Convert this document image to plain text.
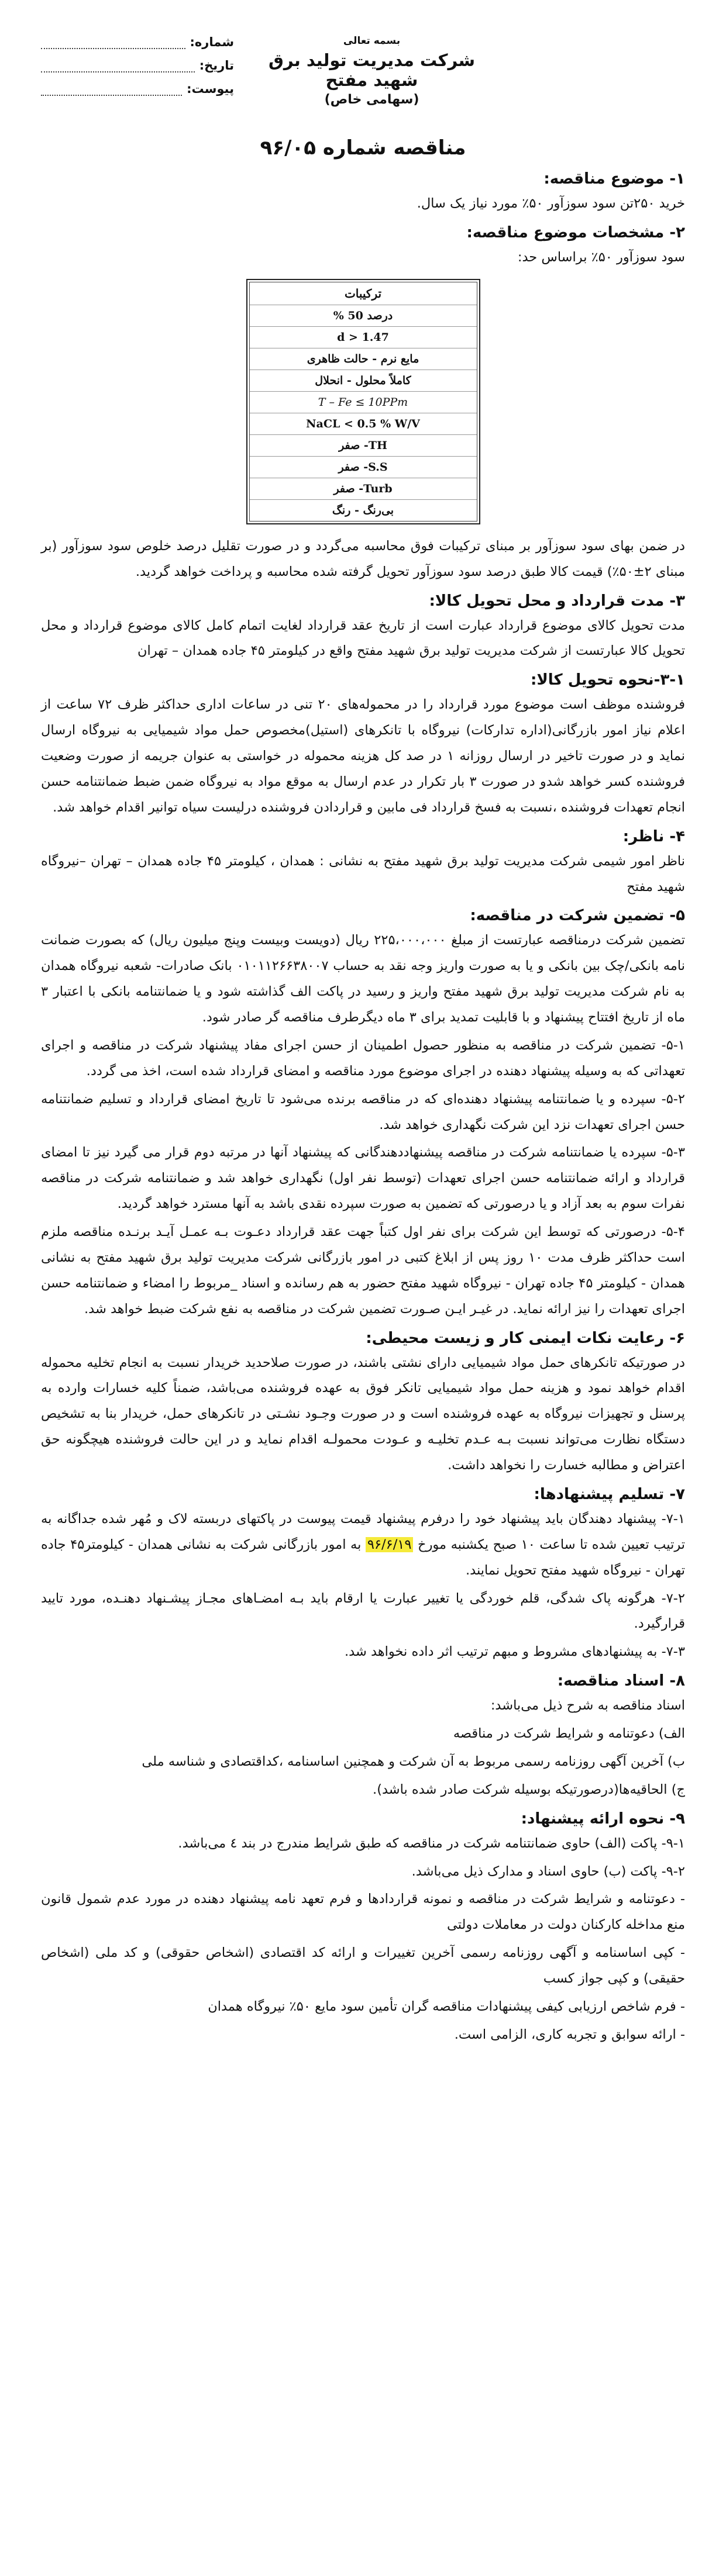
شماره:
تاریخ:
پیوست:
بسمه تعالی
شرکت مدیریت تولید برق شهید مفتح
(سهامی خاص)
مناقصه شماره ۹۶/۰۵
۱- موضوع مناقصه:

خرید ۲۵۰تن سود سوزآور ۵۰٪ مورد نیاز یک سال.

۲- مشخصات موضوع مناقصه:

سود سوزآور ۵۰٪ براساس حد:

ترکیبات
درصد 50 %
d > 1.47
مایع نرم - حالت ظاهری
کاملاً محلول - انحلال
T – Fe ≤ 10PPm
NaCL < 0.5 % W/V
TH- صفر
S.S- صفر
Turb- صفر
بی‌رنگ - رنگ

در ضمن بهای سود سوزآور بر مبنای ترکیبات فوق محاسبه می‌گردد و در صورت تقلیل درصد خلوص سود سوزآور (بر مبنای ۲±۵۰٪) قیمت کالا طبق درصد سود سوزآور تحویل گرفته شده محاسبه و پرداخت خواهد گردید.

۳- مدت قرارداد و محل تحویل کالا:

مدت تحویل کالای موضوع قرارداد عبارت است از تاریخ عقد قرارداد لغایت اتمام کامل کالای موضوع قرارداد و محل تحویل کالا عبارتست از شرکت مدیریت تولید برق شهید مفتح واقع در کیلومتر ۴۵ جاده همدان – تهران

۳-۱-نحوه تحویل کالا:

فروشنده موظف است موضوع مورد قرارداد را در محموله‌های ۲۰ تنی در ساعات اداری حداکثر ظرف ۷۲ ساعت از اعلام نیاز امور بازرگانی(اداره تدارکات) نیروگاه با تانکرهای (استیل)مخصوص حمل مواد شیمیایی به نیروگاه ارسال نماید و در صورت تاخیر در ارسال روزانه ۱ در صد کل هزینه محموله در خواستی به عنوان جریمه از صورت وضعیت فروشنده کسر خواهد شدو در صورت ۳ بار تکرار در عدم ارسال به موقع مواد به نیروگاه ضمن ضبط ضمانتنامه حسن انجام تعهدات فروشنده ،نسبت به فسخ قرارداد فی مابین و قراردادن فروشنده درلیست سیاه توانیر اقدام خواهد شد.

۴- ناظر:

ناظر امور شیمی شرکت مدیریت تولید برق شهید مفتح به نشانی : همدان ، کیلومتر ۴۵ جاده همدان – تهران –نیروگاه شهید مفتح

۵- تضمین شرکت در مناقصه:

تضمین شرکت درمناقصه عبارتست از مبلغ ۲۲۵،۰۰۰،۰۰۰ ریال (دویست وبیست وپنج میلیون ریال) که بصورت ضمانت نامه بانکی/چک بین بانکی و یا به صورت واریز وجه نقد به حساب ۰۱۰۱۱۲۶۶۳۸۰۰۷ بانک صادرات- شعبه نیروگاه همدان به نام شرکت مدیریت تولید برق شهید مفتح واریز و رسید در پاکت الف گذاشته شود و یا ضمانتنامه بانکی با اعتبار ۳ ماه از تاریخ افتتاح پیشنهاد و با قابلیت تمدید برای ۳ ماه دیگرطرف مناقصه گر صادر شود.

۵-۱- تضمین شرکت در مناقصه به منظور حصول اطمینان از حسن اجرای مفاد پیشنهاد شرکت در مناقصه و اجرای تعهداتی که به وسیله پیشنهاد دهنده در اجرای موضوع مورد مناقصه و امضای قرارداد شده است، اخذ می گردد.

۵-۲- سپرده و یا ضمانتنامه پیشنهاد دهنده‌ای که در مناقصه برنده می‌شود تا تاریخ امضای قرارداد و تسلیم ضمانتنامه حسن اجرای تعهدات نزد این شرکت نگهداری خواهد شد.

۵-۳- سپرده یا ضمانتنامه شرکت در مناقصه پیشنهاددهندگانی که پیشنهاد آنها در مرتبه دوم قرار می گیرد نیز تا امضای قرارداد و ارائه ضمانتنامه حسن اجرای تعهدات (توسط نفر اول) نگهداری خواهد شد و ضمانتنامه شرکت در مناقصه نفرات سوم به بعد آزاد و یا درصورتی که تضمین به صورت سپرده نقدی باشد به آنها مسترد خواهد گردید.

۵-۴- درصورتی که توسط این شرکت برای نفر اول کتباً جهت عقد قرارداد دعـوت بـه عمـل آیـد برنـده مناقصه ملزم است حداکثر ظرف مدت ۱۰ روز پس از ابلاغ کتبی در امور بازرگانی شرکت مدیریت تولید برق شهید مفتح به نشانی همدان - کیلومتر ۴۵ جاده تهران - نیروگاه شهید مفتح حضور به هم رسانده و اسناد _مربوط را امضاء و ضمانتنامه حسن اجرای تعهدات را نیز ارائه نماید. در غیـر ایـن صـورت تضمین شرکت در مناقصه به نفع شرکت ضبط خواهد شد.

۶- رعایت نکات ایمنی کار و زیست محیطی:

در صورتیکه تانکرهای حمل مواد شیمیایی دارای نشتی باشند، در صورت صلاحدید خریدار نسبت به انجام تخلیه محموله اقدام خواهد نمود و هزینه حمل مواد شیمیایی تانکر فوق به عهده فروشنده می‌باشد، ضمناً کلیه خسارات وارده به پرسنل و تجهیزات نیروگاه به عهده فروشنده است و در صورت وجـود نشـتی در تانکرهای حمل، خریدار بنا به تشخیص دستگاه نظارت می‌تواند نسبت بـه عـدم تخلیـه و عـودت محمولـه اقدام نماید و در این حالت فروشنده هیچگونه حق اعتراض و مطالبه خسارت را نخواهد داشت.

۷- تسلیم پیشنهادها:

۷-۱- پیشنهاد دهندگان باید پیشنهاد خود را درفرم پیشنهاد قیمت پیوست در پاکتهای دربسته لاک و مُهر شده جداگانه به ترتیب تعیین شده تا ساعت ۱۰ صبح یکشنبه مورخ ۹۶/۶/۱۹ به امور بازرگانی شرکت به نشانی همدان - کیلومتر۴۵ جاده تهران - نیروگاه شهید مفتح تحویل نمایند.

۷-۲- هرگونه پاک شدگی، قلم خوردگی یا تغییر عبارت یا ارقام باید بـه امضـاهای مجـاز پیشـنهاد دهنـده، مورد تایید قرارگیرد.

۷-۳- به پیشنهادهای مشروط و مبهم ترتیب اثر داده نخواهد شد.

۸- اسناد مناقصه:

اسناد مناقصه به شرح ذیل می‌باشد:

الف) دعوتنامه و شرایط شرکت در مناقصه

ب) آخرین آگهی روزنامه رسمی مربوط به آن شرکت و همچنین اساسنامه ،کداقتصادی و شناسه ملی

ج) الحاقیه‌ها(درصورتیکه بوسیله شرکت صادر شده باشد).

۹- نحوه ارائه پیشنهاد:

۹-۱- پاکت (الف) حاوی ضمانتنامه شرکت در مناقصه که طبق شرایط مندرج در بند ٤ می‌باشد.

۹-۲- پاکت (ب) حاوی اسناد و مدارک ذیل می‌باشد.

- دعوتنامه و شرایط شرکت در مناقصه و نمونه قراردادها و فرم تعهد نامه پیشنهاد دهنده در مورد عدم شمول قانون منع مداخله کارکنان دولت در معاملات دولتی

- کپی اساسنامه و آگهی روزنامه رسمی آخرین تغییرات و ارائه کد اقتصادی (اشخاص حقوقی) و کد ملی (اشخاص حقیقی) و کپی جواز کسب

- فرم شاخص ارزیابی کیفی پیشنهادات مناقصه گران تأمین سود مایع ۵۰٪ نیروگاه همدان

- ارائه سوابق و تجربه کاری، الزامی است.
